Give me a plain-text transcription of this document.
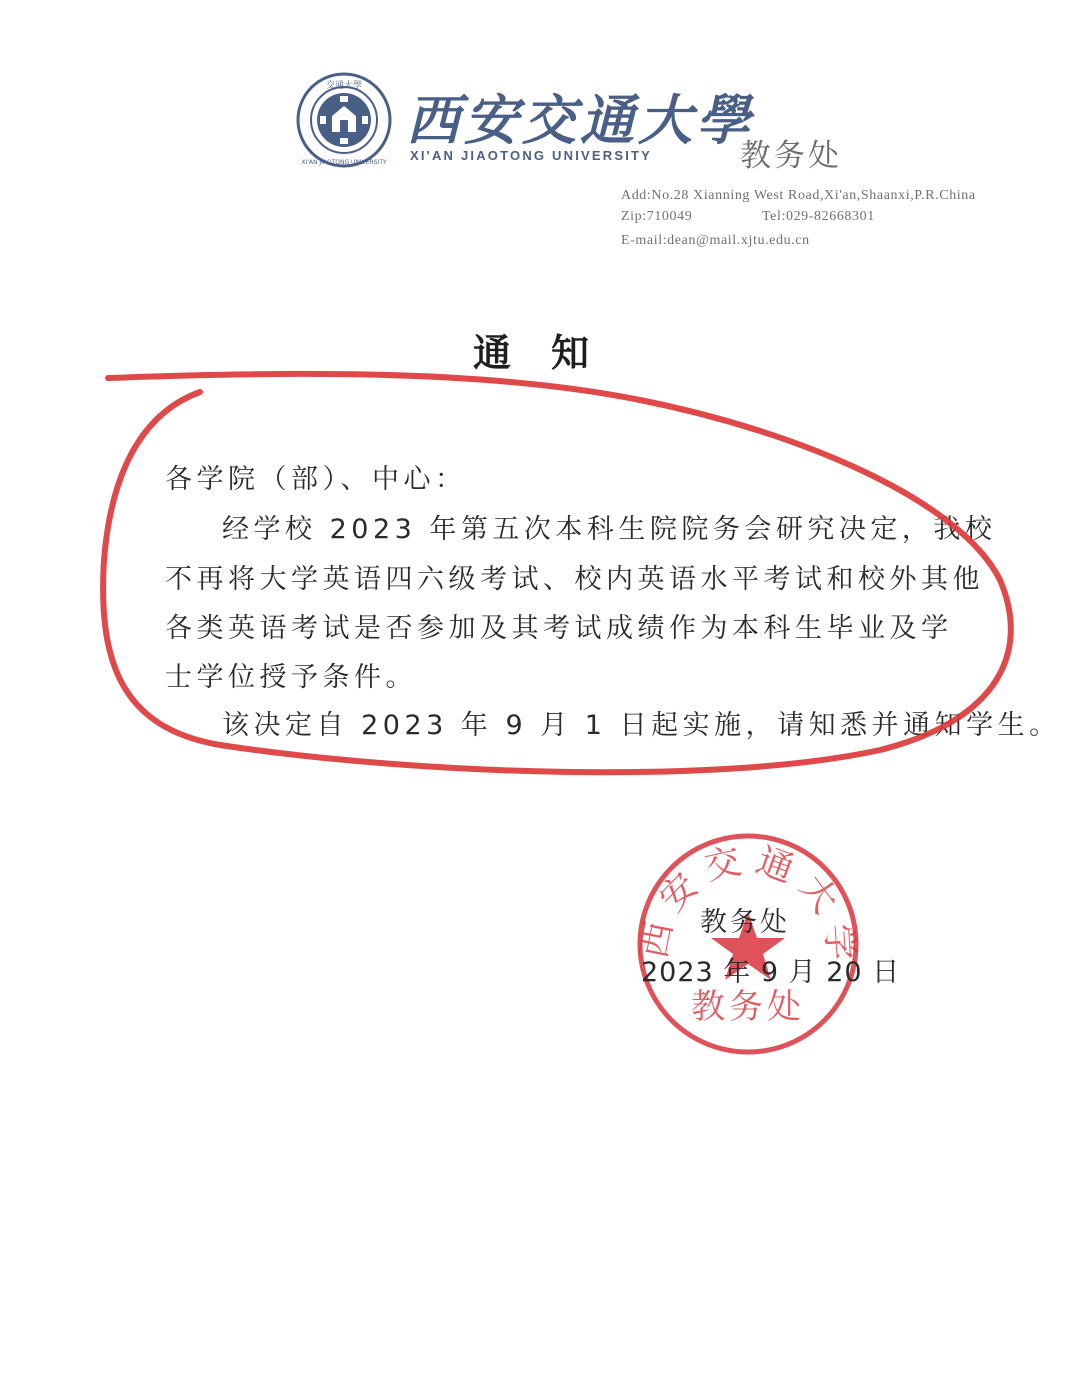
交通大學
XI'AN JIAOTONG UNIVERSITY
西安交通大學
XI'AN JIAOTONG UNIVERSITY	教务处
Add:No.28 Xianning West Road,Xi'an,Shaanxi,P.R.China
Zip:710049	Tel:029-82668301
E-mail:dean@mail.xjtu.edu.cn
通知
各学院（部）、中心：
经学校 2023 年第五次本科生院院务会研究决定，我校
不再将大学英语四六级考试、校内英语水平考试和校外其他
各类英语考试是否参加及其考试成绩作为本科生毕业及学
士学位授予条件。
该决定自 2023 年 9 月 1 日起实施，请知悉并通知学生。
西安交通大学
教务处
教务处
2023 年 9 月 20 日
